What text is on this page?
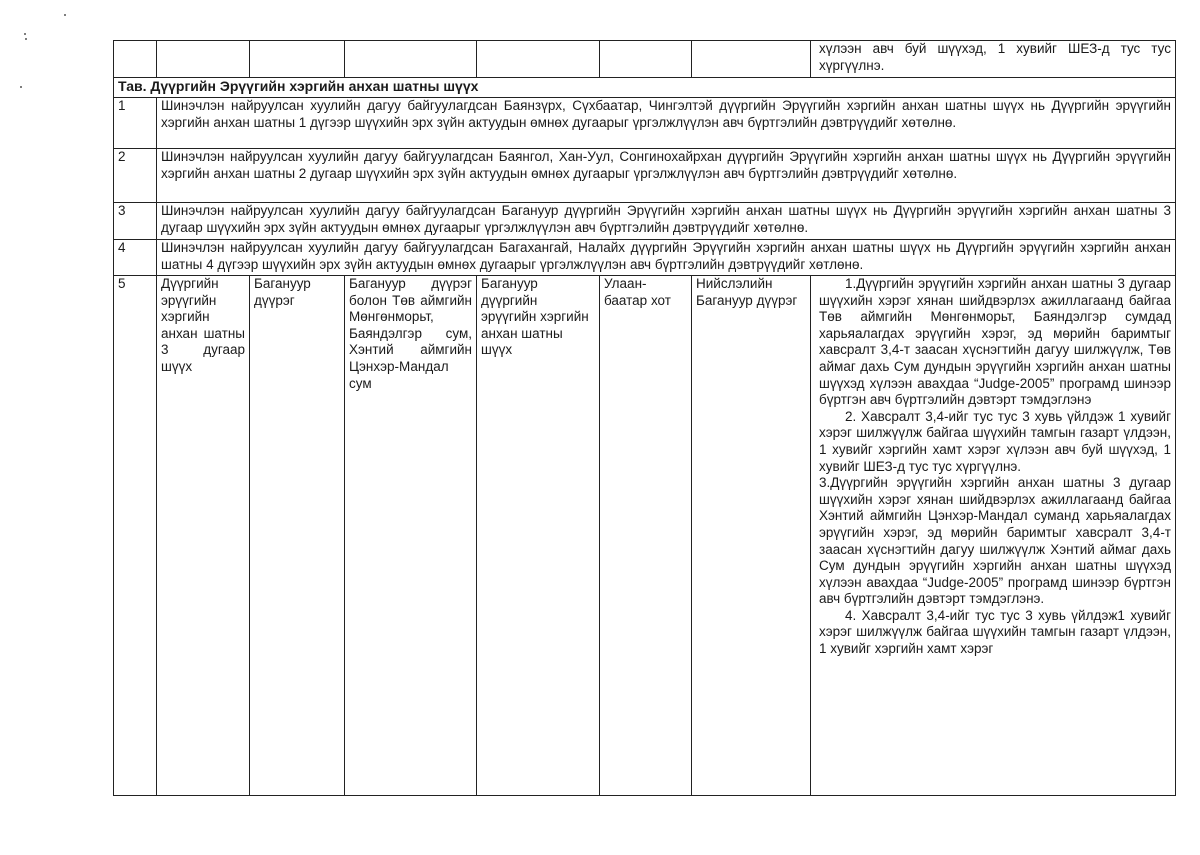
							хүлээн авч буй шүүхэд, 1 хувийг ШЕЗ-д тус тус хүргүүлнэ.
Тав. Дүүргийн Эрүүгийн хэргийн анхан шатны шүүх							
1	Шинэчлэн найруулсан хуулийн дагуу байгуулагдсан Баянзүрх, Сүхбаатар, Чингэлтэй дүүргийн Эрүүгийн хэргийн анхан шатны шүүх нь Дүүргийн эрүүгийн хэргийн анхан шатны 1 дүгээр шүүхийн эрх зүйн актуудын өмнөх дугаарыг үргэлжлүүлэн авч бүртгэлийн дэвтрүүдийг хөтөлнө.						
2	Шинэчлэн найруулсан хуулийн дагуу байгуулагдсан Баянгол, Хан-Уул, Сонгинохайрхан дүүргийн Эрүүгийн хэргийн анхан шатны шүүх нь Дүүргийн эрүүгийн хэргийн анхан шатны 2 дугаар шүүхийн эрх зүйн актуудын өмнөх дугаарыг үргэлжлүүлэн авч бүртгэлийн дэвтрүүдийг хөтөлнө.						
3	Шинэчлэн найруулсан хуулийн дагуу байгуулагдсан Багануур дүүргийн Эрүүгийн хэргийн анхан шатны шүүх нь Дүүргийн эрүүгийн хэргийн анхан шатны 3 дугаар шүүхийн эрх зүйн актуудын өмнөх дугаарыг үргэлжлүүлэн авч бүртгэлийн дэвтрүүдийг хөтөлнө.						
4	Шинэчлэн найруулсан хуулийн дагуу байгуулагдсан Багахангай, Налайх дүүргийн Эрүүгийн хэргийн анхан шатны шүүх нь Дүүргийн эрүүгийн хэргийн анхан шатны 4 дүгээр шүүхийн эрх зүйн актуудын өмнөх дугаарыг үргэлжлүүлэн авч бүртгэлийн дэвтрүүдийг хөтлөнө.						
5	Дүүргийн эрүүгийн хэргийн анхан шатны 3 дугаар шүүх	Багануур дүүрэг	Багануур дүүрэг болон Төв аймгийн Мөнгөнморьт, Баяндэлгэр сум, Хэнтий аймгийн Цэнхэр-Мандал сум	Багануур дүүргийн эрүүгийн хэргийн анхан шатны шүүх	Улаан-баатар хот	Нийслэлийн Багануур дүүрэг	1.Дүүргийн эрүүгийн хэргийн анхан шатны 3 дугаар шүүхийн хэрэг хянан шийдвэрлэх ажиллагаанд байгаа Төв аймгийн Мөнгөнморьт, Баяндэлгэр сумдад харьяалагдах эрүүгийн хэрэг, эд мөрийн баримтыг хавсралт 3,4-т заасан хүснэгтийн дагуу шилжүүлж, Төв аймаг дахь Сум дундын эрүүгийн хэргийн анхан шатны шүүхэд хүлээн авахдаа “Judge-2005” програмд шинээр бүртгэн авч бүртгэлийн дэвтэрт тэмдэглэнэ

2. Хавсралт 3,4-ийг тус тус 3 хувь үйлдэж 1 хувийг хэрэг шилжүүлж байгаа шүүхийн тамгын газарт үлдээн, 1 хувийг хэргийн хамт хэрэг хүлээн авч буй шүүхэд, 1 хувийг ШЕЗ-д тус тус хүргүүлнэ.

3.Дүүргийн эрүүгийн хэргийн анхан шатны 3 дугаар шүүхийн хэрэг хянан шийдвэрлэх ажиллагаанд байгаа Хэнтий аймгийн Цэнхэр-Мандал суманд харьяалагдах эрүүгийн хэрэг, эд мөрийн баримтыг хавсралт 3,4-т заасан хүснэгтийн дагуу шилжүүлж Хэнтий аймаг дахь Сум дундын эрүүгийн хэргийн анхан шатны шүүхэд хүлээн авахдаа “Judge-2005” програмд шинээр бүртгэн авч бүртгэлийн дэвтэрт тэмдэглэнэ.

4. Хавсралт 3,4-ийг тус тус 3 хувь үйлдэж1 хувийг хэрэг шилжүүлж байгаа шүүхийн тамгын газарт үлдээн, 1 хувийг хэргийн хамт хэрэг
